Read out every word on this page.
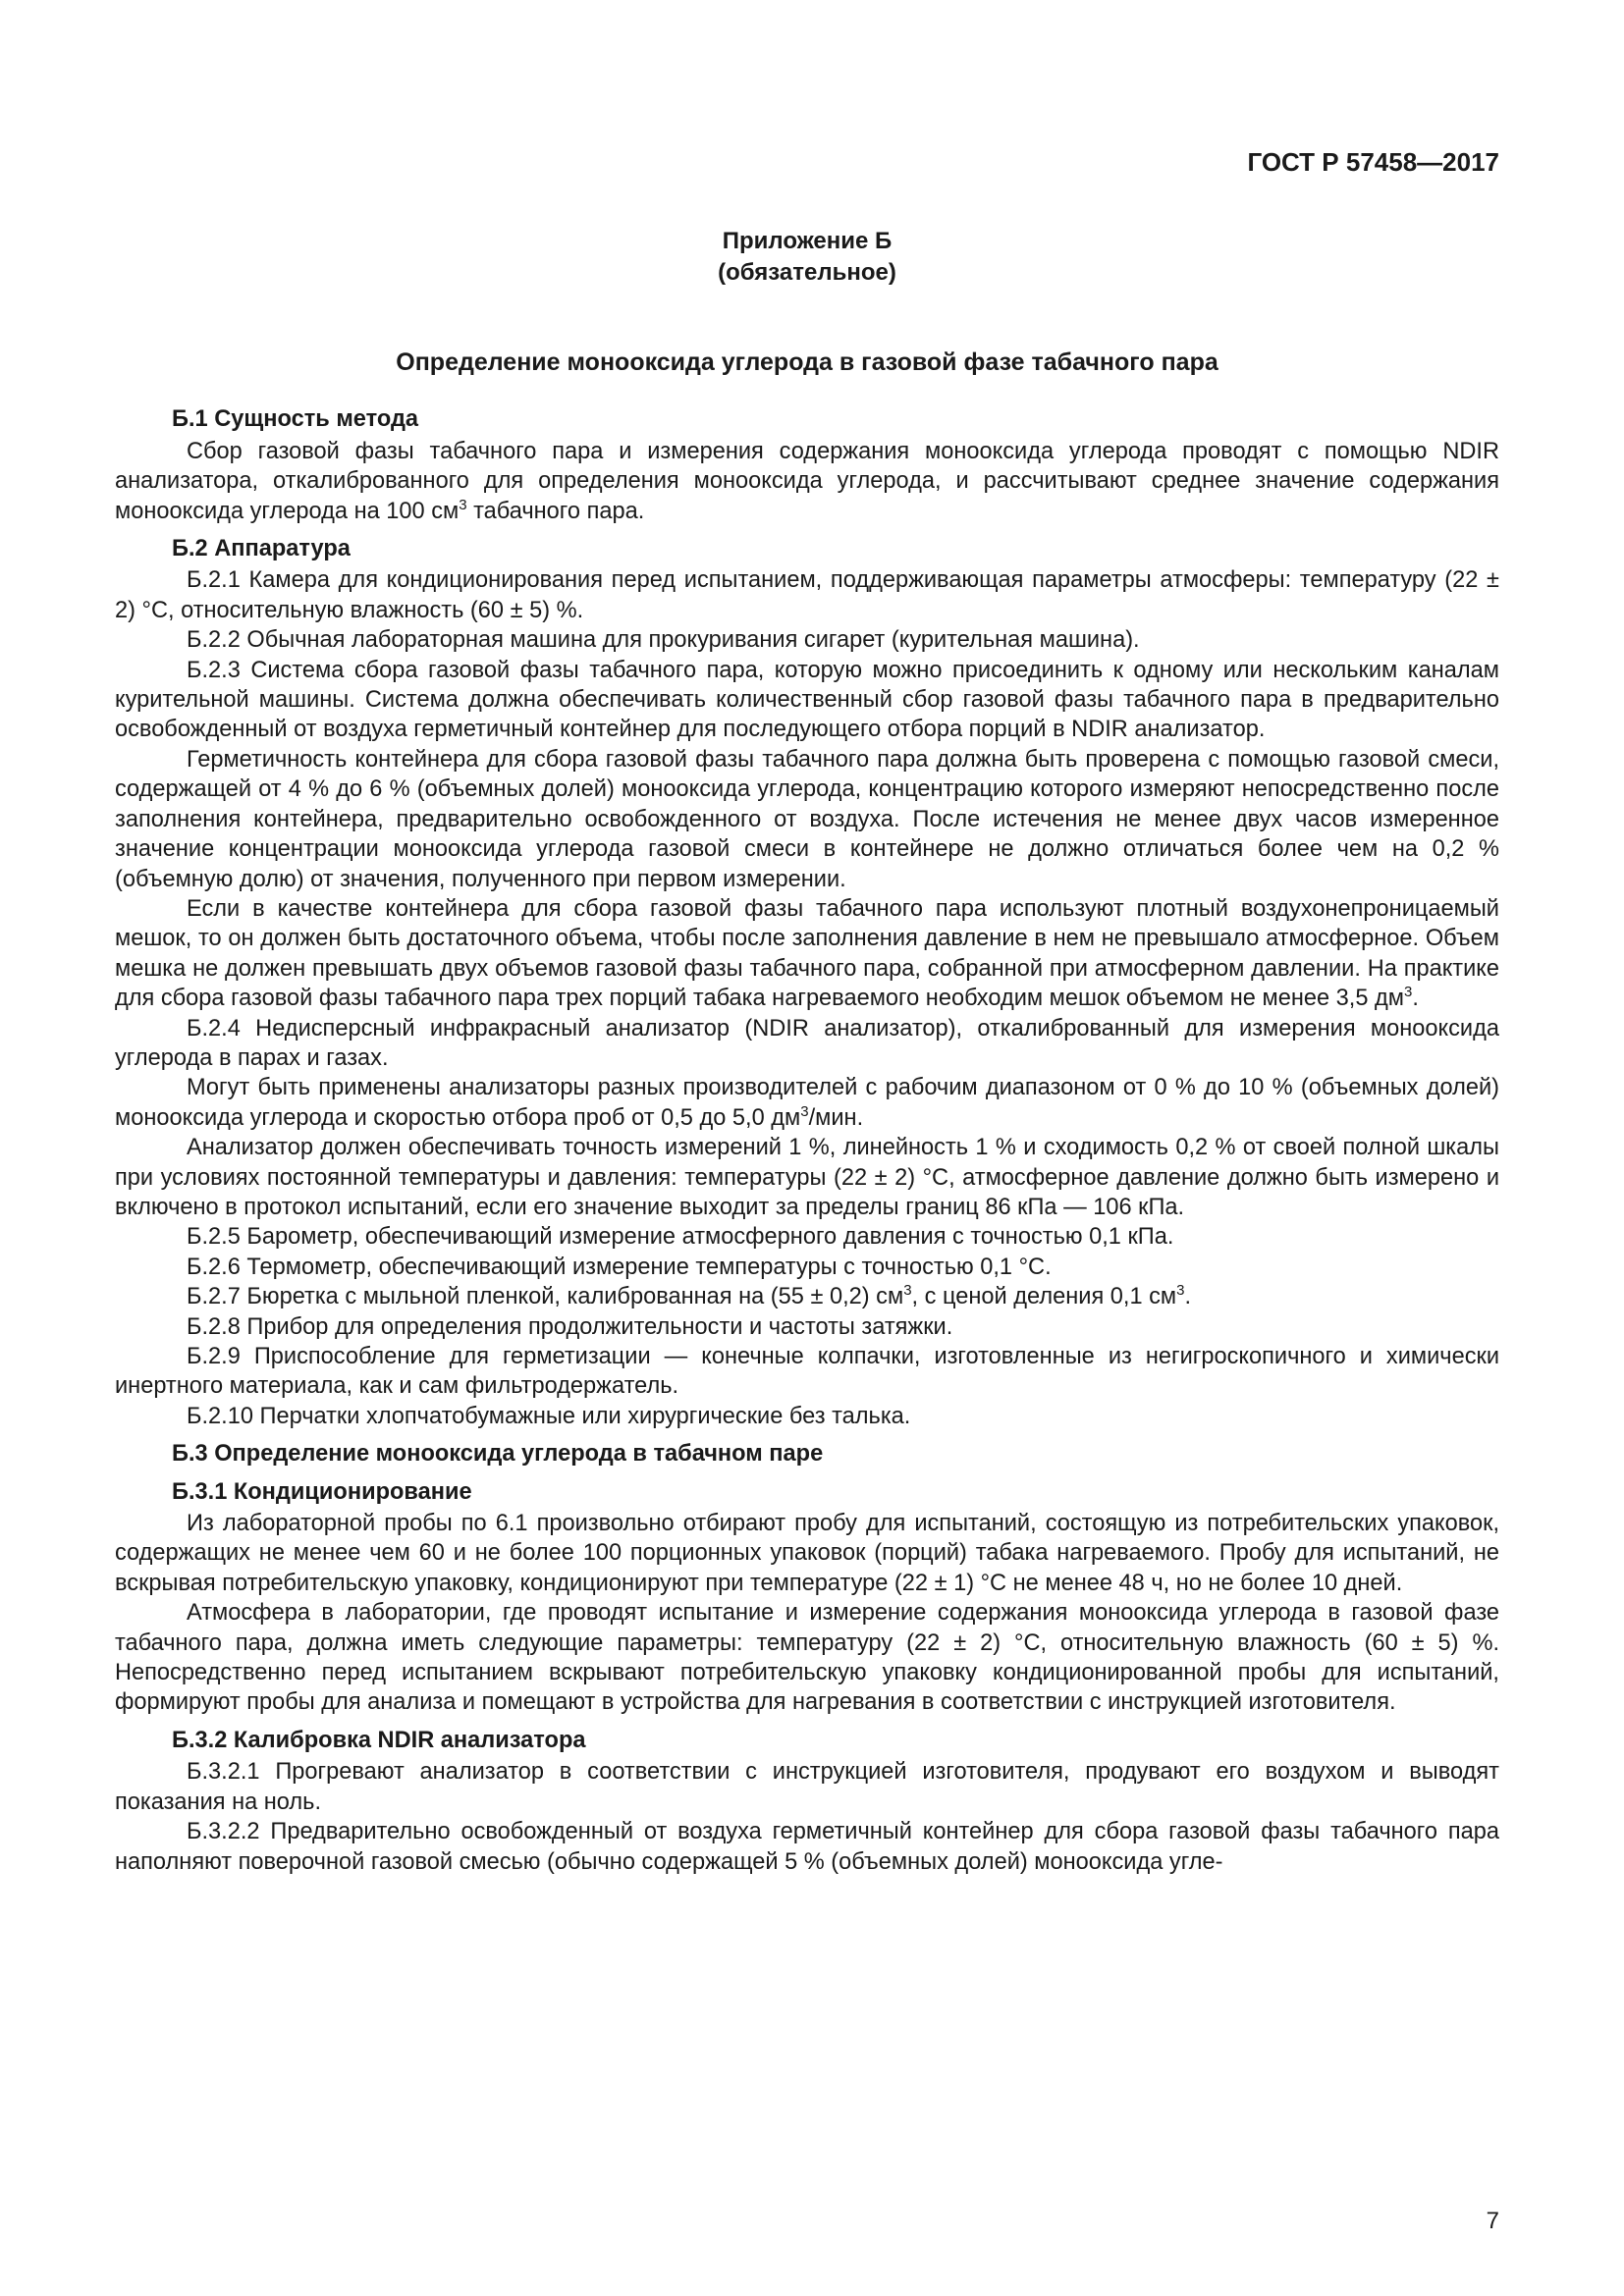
ГОСТ Р 57458—2017
Приложение Б
(обязательное)
Определение монооксида углерода в газовой фазе табачного пара
Б.1 Сущность метода

Сбор газовой фазы табачного пара и измерения содержания монооксида углерода проводят с помощью NDIR анализатора, откалиброванного для определения монооксида углерода, и рассчитывают среднее значение содержания монооксида углерода на 100 $см^3$ табачного пара.

Б.2 Аппаратура

Б.2.1 Камера для кондиционирования перед испытанием, поддерживающая параметры атмосферы: температуру (22 ± 2) °C, относительную влажность (60 ± 5) %.

Б.2.2 Обычная лабораторная машина для прокуривания сигарет (курительная машина).

Б.2.3 Система сбора газовой фазы табачного пара, которую можно присоединить к одному или нескольким каналам курительной машины. Система должна обеспечивать количественный сбор газовой фазы табачного пара в предварительно освобожденный от воздуха герметичный контейнер для последующего отбора порций в NDIR анализатор.

Герметичность контейнера для сбора газовой фазы табачного пара должна быть проверена с помощью газовой смеси, содержащей от 4 % до 6 % (объемных долей) монооксида углерода, концентрацию которого измеряют непосредственно после заполнения контейнера, предварительно освобожденного от воздуха. После истечения не менее двух часов измеренное значение концентрации монооксида углерода газовой смеси в контейнере не должно отличаться более чем на 0,2 % (объемную долю) от значения, полученного при первом измерении.

Если в качестве контейнера для сбора газовой фазы табачного пара используют плотный воздухонепроницаемый мешок, то он должен быть достаточного объема, чтобы после заполнения давление в нем не превышало атмосферное. Объем мешка не должен превышать двух объемов газовой фазы табачного пара, собранной при атмосферном давлении. На практике для сбора газовой фазы табачного пара трех порций табака нагреваемого необходим мешок объемом не менее 3,5 $дм^3$.

Б.2.4 Недисперсный инфракрасный анализатор (NDIR анализатор), откалиброванный для измерения монооксида углерода в парах и газах.

Могут быть применены анализаторы разных производителей с рабочим диапазоном от 0 % до 10 % (объемных долей) монооксида углерода и скоростью отбора проб от 0,5 до 5,0 $дм^3$/мин.

Анализатор должен обеспечивать точность измерений 1 %, линейность 1 % и сходимость 0,2 % от своей полной шкалы при условиях постоянной температуры и давления: температуры (22 ± 2) °C, атмосферное давление должно быть измерено и включено в протокол испытаний, если его значение выходит за пределы границ 86 кПа — 106 кПа.

Б.2.5 Барометр, обеспечивающий измерение атмосферного давления с точностью 0,1 кПа.

Б.2.6 Термометр, обеспечивающий измерение температуры с точностью 0,1 °C.

Б.2.7 Бюретка с мыльной пленкой, калиброванная на (55 ± 0,2) $см^3$, с ценой деления 0,1 $см^3$.

Б.2.8 Прибор для определения продолжительности и частоты затяжки.

Б.2.9 Приспособление для герметизации — конечные колпачки, изготовленные из негигроскопичного и химически инертного материала, как и сам фильтродержатель.

Б.2.10 Перчатки хлопчатобумажные или хирургические без талька.

Б.3 Определение монооксида углерода в табачном паре
Б.3.1 Кондиционирование

Из лабораторной пробы по 6.1 произвольно отбирают пробу для испытаний, состоящую из потребительских упаковок, содержащих не менее чем 60 и не более 100 порционных упаковок (порций) табака нагреваемого. Пробу для испытаний, не вскрывая потребительскую упаковку, кондиционируют при температуре (22 ± 1) °C не менее 48 ч, но не более 10 дней.

Атмосфера в лаборатории, где проводят испытание и измерение содержания монооксида углерода в газовой фазе табачного пара, должна иметь следующие параметры: температуру (22 ± 2) °C, относительную влажность (60 ± 5) %. Непосредственно перед испытанием вскрывают потребительскую упаковку кондиционированной пробы для испытаний, формируют пробы для анализа и помещают в устройства для нагревания в соответствии с инструкцией изготовителя.

Б.3.2 Калибровка NDIR анализатора

Б.3.2.1 Прогревают анализатор в соответствии с инструкцией изготовителя, продувают его воздухом и выводят показания на ноль.

Б.3.2.2 Предварительно освобожденный от воздуха герметичный контейнер для сбора газовой фазы табачного пара наполняют поверочной газовой смесью (обычно содержащей 5 % (объемных долей) монооксида угле-

7
